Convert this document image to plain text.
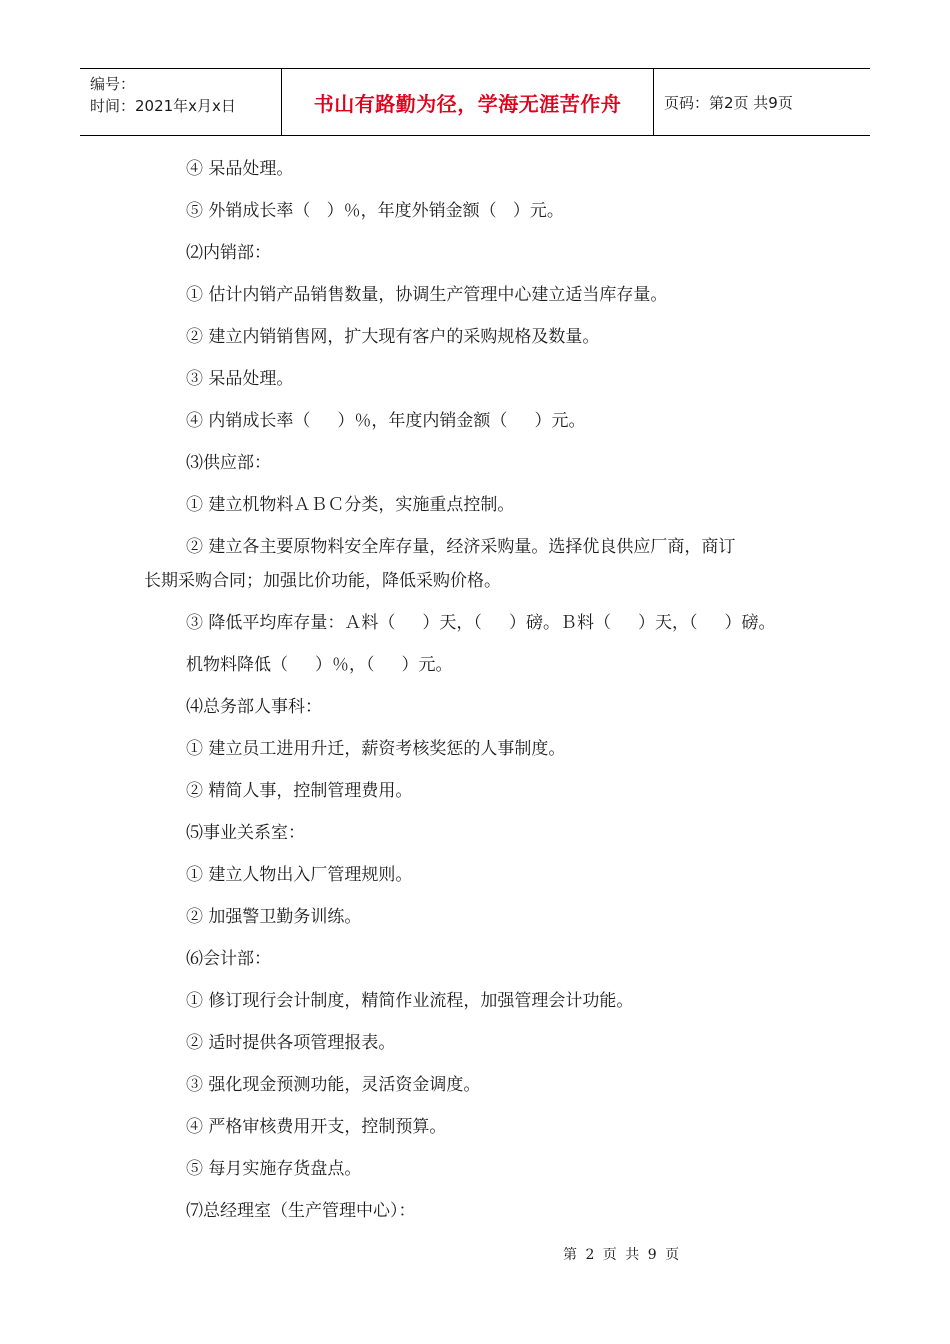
编号：
时间：2021年x月x日	书山有路勤为径，学海无涯苦作舟	页码：第2页 共9页
④ 呆品处理。
⑤ 外销成长率（   ）％，年度外销金额（   ）元。
⑵内销部：
① 估计内销产品销售数量，协调生产管理中心建立适当库存量。
② 建立内销销售网，扩大现有客户的采购规格及数量。
③ 呆品处理。
④ 内销成长率（     ）％，年度内销金额（     ）元。
⑶供应部：
① 建立机物料ＡＢＣ分类，实施重点控制。
② 建立各主要原物料安全库存量，经济采购量。选择优良供应厂商，商订
长期采购合同；加强比价功能，降低采购价格。
③ 降低平均库存量：Ａ料（     ）天，（     ）磅。Ｂ料（     ）天，（     ）磅。
机物料降低（     ）％，（     ）元。
⑷总务部人事科：
① 建立员工进用升迁，薪资考核奖惩的人事制度。
② 精简人事，控制管理费用。
⑸事业关系室：
① 建立人物出入厂管理规则。
② 加强警卫勤务训练。
⑹会计部：
① 修订现行会计制度，精简作业流程，加强管理会计功能。
② 适时提供各项管理报表。
③ 强化现金预测功能，灵活资金调度。
④ 严格审核费用开支，控制预算。
⑤ 每月实施存货盘点。
⑺总经理室（生产管理中心）：
第 2 页 共 9 页
